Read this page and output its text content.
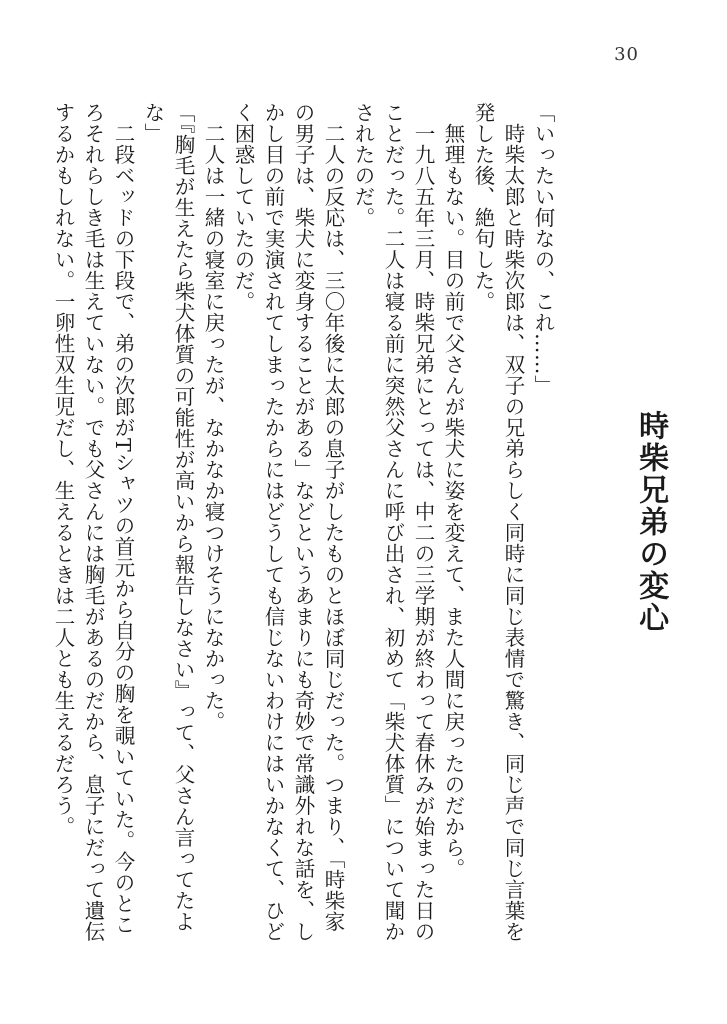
30
時柴兄弟の変心

「いったい何なの、これ……」

　時柴太郎と時柴次郎は、双子の兄弟らしく同時に同じ表情で驚き、同じ声で同じ言葉を発した後、絶句した。

　無理もない。目の前で父さんが柴犬に姿を変えて、また人間に戻ったのだから。

　一九八五年三月、時柴兄弟にとっては、中二の三学期が終わって春休みが始まった日のことだった。二人は寝る前に突然父さんに呼び出され、初めて「柴犬体質」について聞かされたのだ。

　二人の反応は、三〇年後に太郎の息子がしたものとほぼ同じだった。つまり、「時柴家の男子は、柴犬に変身することがある」などというあまりにも奇妙で常識外れな話を、しかし目の前で実演されてしまったからにはどうしても信じないわけにはいかなくて、ひどく困惑していたのだ。

　二人は一緒の寝室に戻ったが、なかなか寝つけそうになかった。

「『胸毛が生えたら柴犬体質の可能性が高いから報告しなさい』って、父さん言ってたよな」

　二段ベッドの下段で、弟の次郎がTシャツの首元から自分の胸を覗いていた。今のところそれらしき毛は生えていない。でも父さんには胸毛があるのだから、息子にだって遺伝するかもしれない。一卵性双生児だし、生えるときは二人とも生えるだろう。
